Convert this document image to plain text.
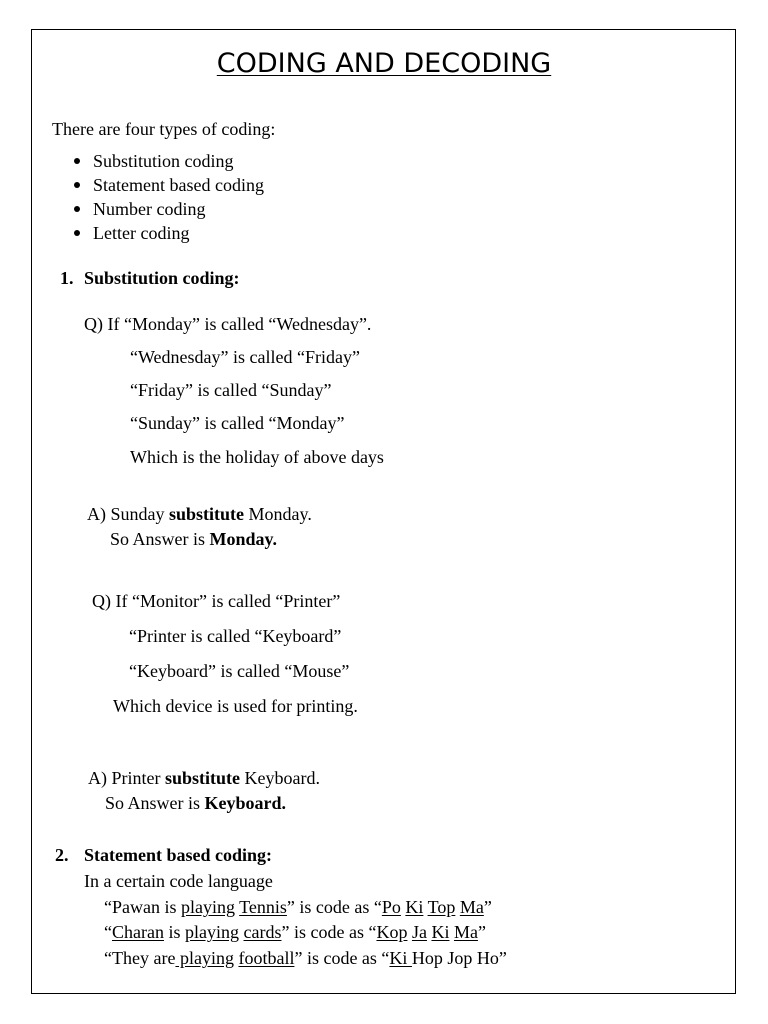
CODING AND DECODING
There are four types of coding:
Substitution coding
Statement based coding
Number coding
Letter coding
1. Substitution coding:
Q) If “Monday” is called “Wednesday”.
“Wednesday” is called “Friday”
“Friday” is called “Sunday”
“Sunday” is called “Monday”
Which is the holiday of above days
A) Sunday substitute Monday.
So Answer is Monday.
Q) If “Monitor” is called “Printer”
“Printer is called “Keyboard”
“Keyboard” is called “Mouse”
Which device is used for printing.
A) Printer substitute Keyboard.
So Answer is Keyboard.
2. Statement based coding:
In a certain code language
“Pawan is playing Tennis” is code as “Po Ki Top Ma”
“Charan is playing cards” is code as “Kop Ja Ki Ma”
“They are playing football” is code as “Ki Hop Jop Ho”
